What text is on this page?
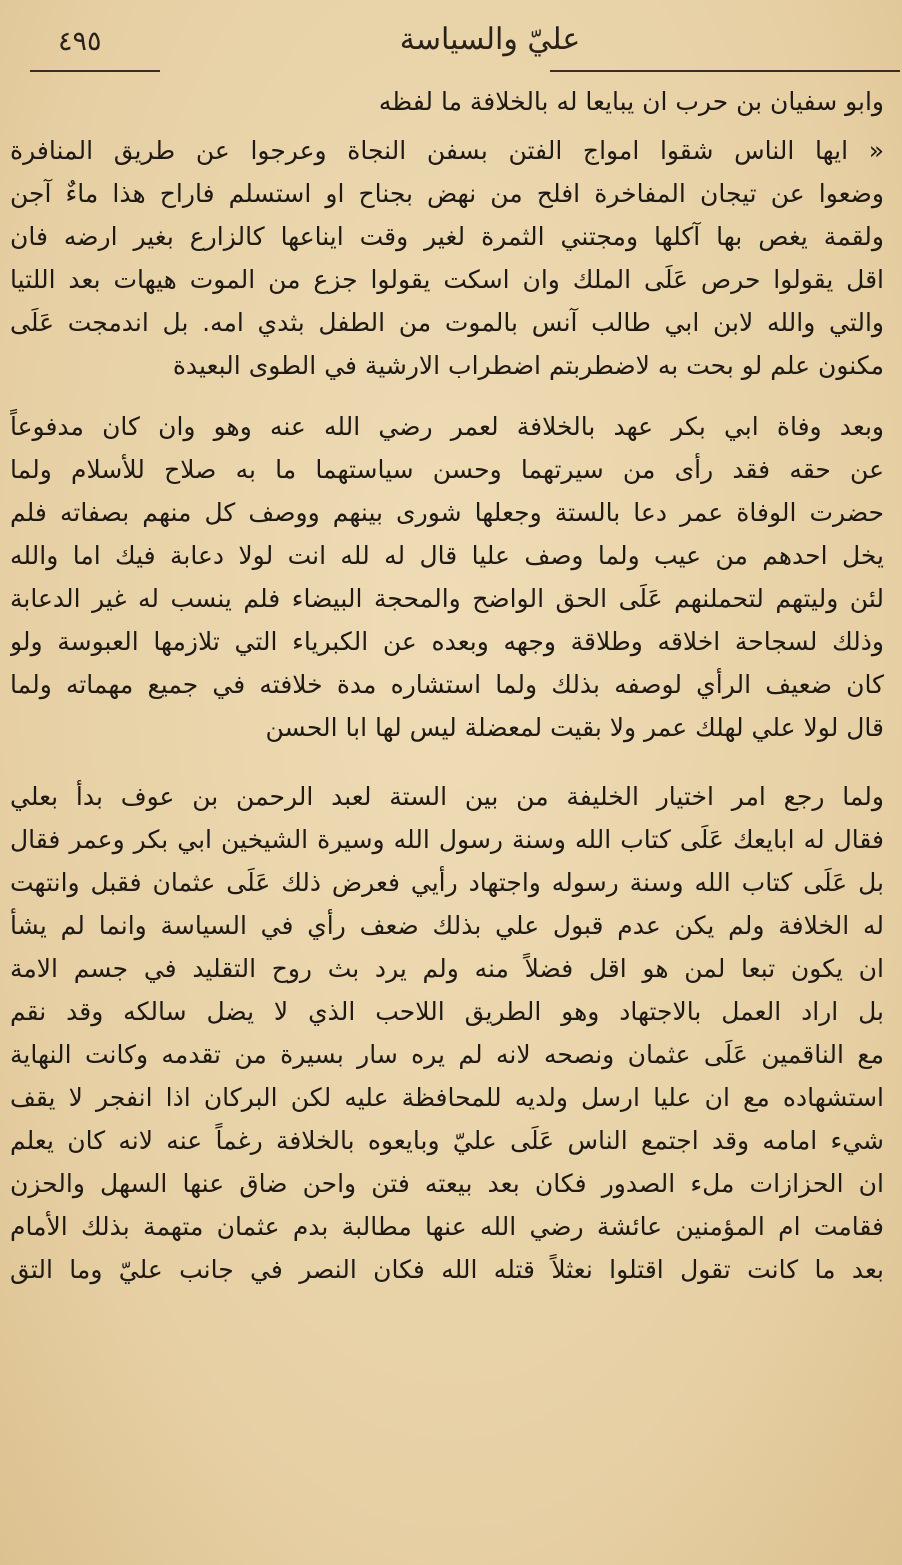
٤٩٥	عليّ والسياسة
وابو سفيان بن حرب ان يبايعا له بالخلافة ما لفظه
« ايها الناس شقوا امواج الفتن بسفن النجاة وعرجوا عن طريق المنافرة
وضعوا عن تيجان المفاخرة افلح من نهض بجناح او استسلم فاراح هذا ماءٌ آجن
ولقمة يغص بها آكلها ومجتني الثمرة لغير وقت ايناعها كالزارع بغير ارضه فان
اقل يقولوا حرص عَلَى الملك وان اسكت يقولوا جزع من الموت هيهات بعد اللتيا
والتي والله لابن ابي طالب آنس بالموت من الطفل بثدي امه. بل اندمجت عَلَى
مكنون علم لو بحت به لاضطربتم اضطراب الارشية في الطوى البعيدة
وبعد وفاة ابي بكر عهد بالخلافة لعمر رضي الله عنه وهو وان كان مدفوعاً
عن حقه فقد رأى من سيرتهما وحسن سياستهما ما به صلاح للأسلام ولما
حضرت الوفاة عمر دعا بالستة وجعلها شورى بينهم ووصف كل منهم بصفاته فلم
يخل احدهم من عيب ولما وصف عليا قال له لله انت لولا دعابة فيك اما والله
لئن وليتهم لتحملنهم عَلَى الحق الواضح والمحجة البيضاء فلم ينسب له غير الدعابة
وذلك لسجاحة اخلاقه وطلاقة وجهه وبعده عن الكبرياء التي تلازمها العبوسة ولو
كان ضعيف الرأي لوصفه بذلك ولما استشاره مدة خلافته في جميع مهماته ولما
قال لولا علي لهلك عمر ولا بقيت لمعضلة ليس لها ابا الحسن
ولما رجع امر اختيار الخليفة من بين الستة لعبد الرحمن بن عوف بدأ بعلي
فقال له ابايعك عَلَى كتاب الله وسنة رسول الله وسيرة الشيخين ابي بكر وعمر فقال
بل عَلَى كتاب الله وسنة رسوله واجتهاد رأيي فعرض ذلك عَلَى عثمان فقبل وانتهت
له الخلافة ولم يكن عدم قبول علي بذلك ضعف رأي في السياسة وانما لم يشأ
ان يكون تبعا لمن هو اقل فضلاً منه ولم يرد بث روح التقليد في جسم الامة
بل اراد العمل بالاجتهاد وهو الطريق اللاحب الذي لا يضل سالكه وقد نقم
مع الناقمين عَلَى عثمان ونصحه لانه لم يره سار بسيرة من تقدمه وكانت النهاية
استشهاده مع ان عليا ارسل ولديه للمحافظة عليه لكن البركان اذا انفجر لا يقف
شيء امامه وقد اجتمع الناس عَلَى عليّ وبايعوه بالخلافة رغماً عنه لانه كان يعلم
ان الحزازات ملء الصدور فكان بعد بيعته فتن واحن ضاق عنها السهل والحزن
فقامت ام المؤمنين عائشة رضي الله عنها مطالبة بدم عثمان متهمة بذلك الأمام
بعد ما كانت تقول اقتلوا نعثلاً قتله الله فكان النصر في جانب عليّ وما التق
